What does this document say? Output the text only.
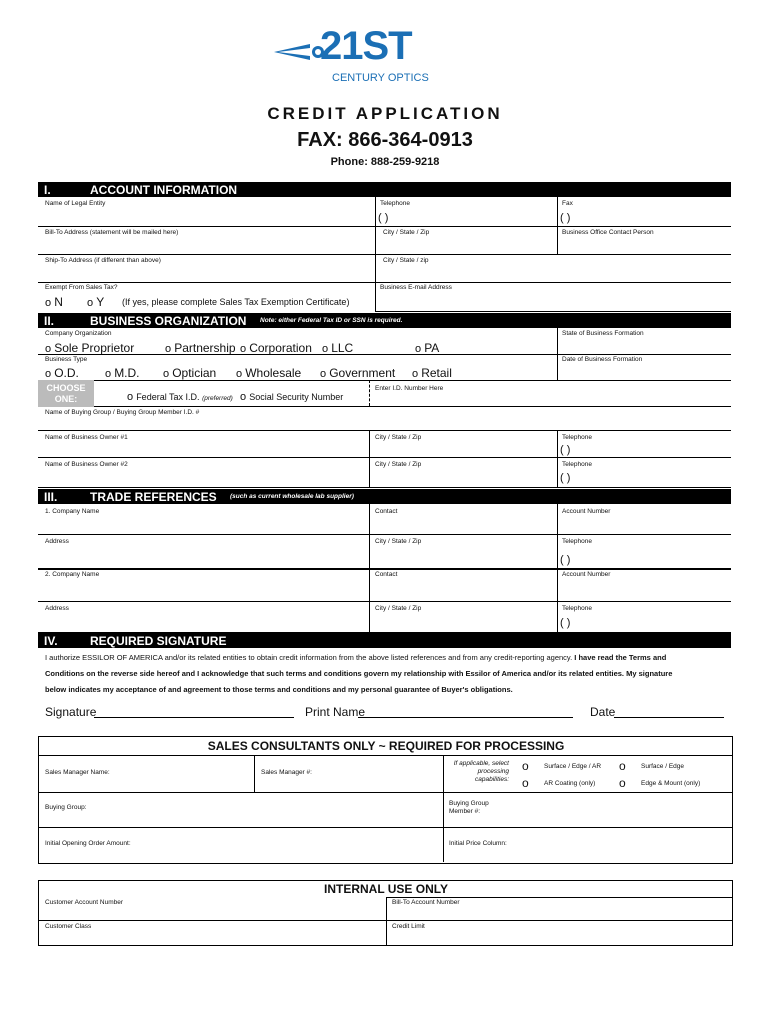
21ST
CENTURY OPTICS
CREDIT APPLICATION
FAX: 866-364-0913
Phone: 888-259-9218
I.	ACCOUNT INFORMATION
Name of Legal Entity	Telephone
( )
Fax
( )
Bill-To Address (statement will be mailed here)	City / State / Zip	Business Office Contact Person
Ship-To Address (if different than above)	City / State / zip
Exempt From Sales Tax?	Business E-mail Address
o N o Y (If yes, please complete Sales Tax Exemption Certificate)
II.	BUSINESS ORGANIZATION Note: either Federal Tax ID or SSN is required.
Company Organization	State of Business Formation
o Sole Proprietor	o Partnership o Corporation o LLC	o PA
Business Type	Date of Business Formation
o O.D. o M.D. o Optician o Wholesale o Government o Retail
CHOOSE ONE:	o Federal Tax I.D. (preferred) o Social Security Number
Enter I.D. Number Here
Name of Buying Group / Buying Group Member I.D. #
Name of Business Owner #1	City / State / Zip	Telephone
( )
Name of Business Owner #2	City / State / Zip	Telephone
( )
III.	TRADE REFERENCES (such as current wholesale lab supplier)
1. Company Name	Contact	Account Number
Address	City / State / Zip	Telephone
( )
2. Company Name	Contact	Account Number
Address	City / State / Zip	Telephone
( )
IV.	REQUIRED SIGNATURE
I authorize ESSILOR OF AMERICA and/or its related entities to obtain credit information from the above listed references and from any credit-reporting agency. I have read the Terms and
Conditions on the reverse side hereof and I acknowledge that such terms and conditions govern my relationship with Essilor of America and/or its related entities. My signature
below indicates my acceptance of and agreement to those terms and conditions and my personal guarantee of Buyer's obligations.
Signature	Print Name	Date
SALES CONSULTANTS ONLY ~ REQUIRED FOR PROCESSING
Sales Manager Name:	Sales Manager #:
If applicable, select processing capabilities:
o Surface / Edge / AR o Surface / Edge
o AR Coating (only) o Edge & Mount (only)
Buying Group:
Buying Group Member #:
Initial Opening Order Amount:	Initial Price Column:
INTERNAL USE ONLY
Customer Account Number	Bill-To Account Number
Customer Class	Credit Limit
